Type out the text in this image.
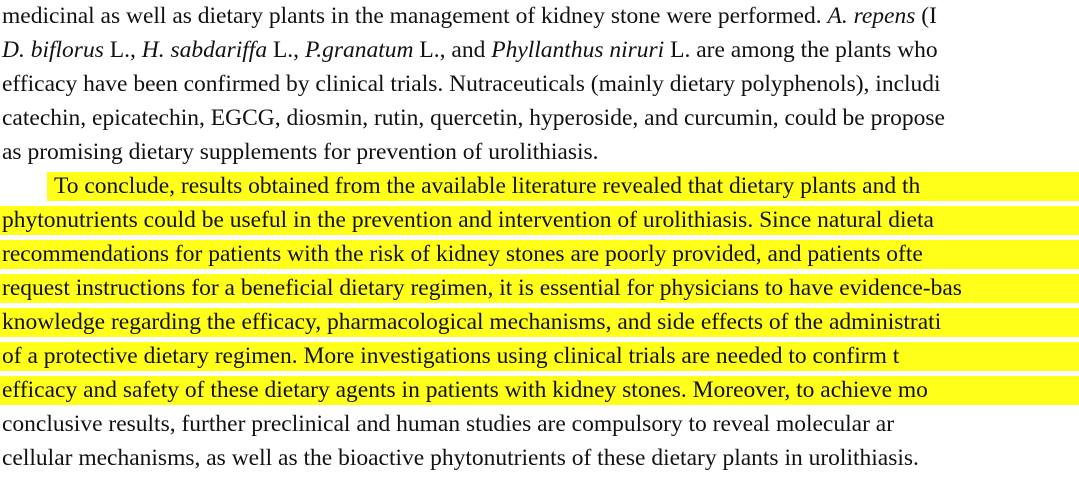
medicinal as well as dietary plants in the management of kidney stone were performed. A. repens (I
D. biflorus L., H. sabdariffa L., P.granatum L., and Phyllanthus niruri L. are among the plants who
efficacy have been confirmed by clinical trials. Nutraceuticals (mainly dietary polyphenols), includi
catechin, epicatechin, EGCG, diosmin, rutin, quercetin, hyperoside, and curcumin, could be propose
as promising dietary supplements for prevention of urolithiasis.
To conclude, results obtained from the available literature revealed that dietary plants and th
phytonutrients could be useful in the prevention and intervention of urolithiasis. Since natural dieta
recommendations for patients with the risk of kidney stones are poorly provided, and patients ofte
request instructions for a beneficial dietary regimen, it is essential for physicians to have evidence-bas
knowledge regarding the efficacy, pharmacological mechanisms, and side effects of the administrati
of a protective dietary regimen. More investigations using clinical trials are needed to confirm t
efficacy and safety of these dietary agents in patients with kidney stones. Moreover, to achieve mo
conclusive results, further preclinical and human studies are compulsory to reveal molecular ar
cellular mechanisms, as well as the bioactive phytonutrients of these dietary plants in urolithiasis.
